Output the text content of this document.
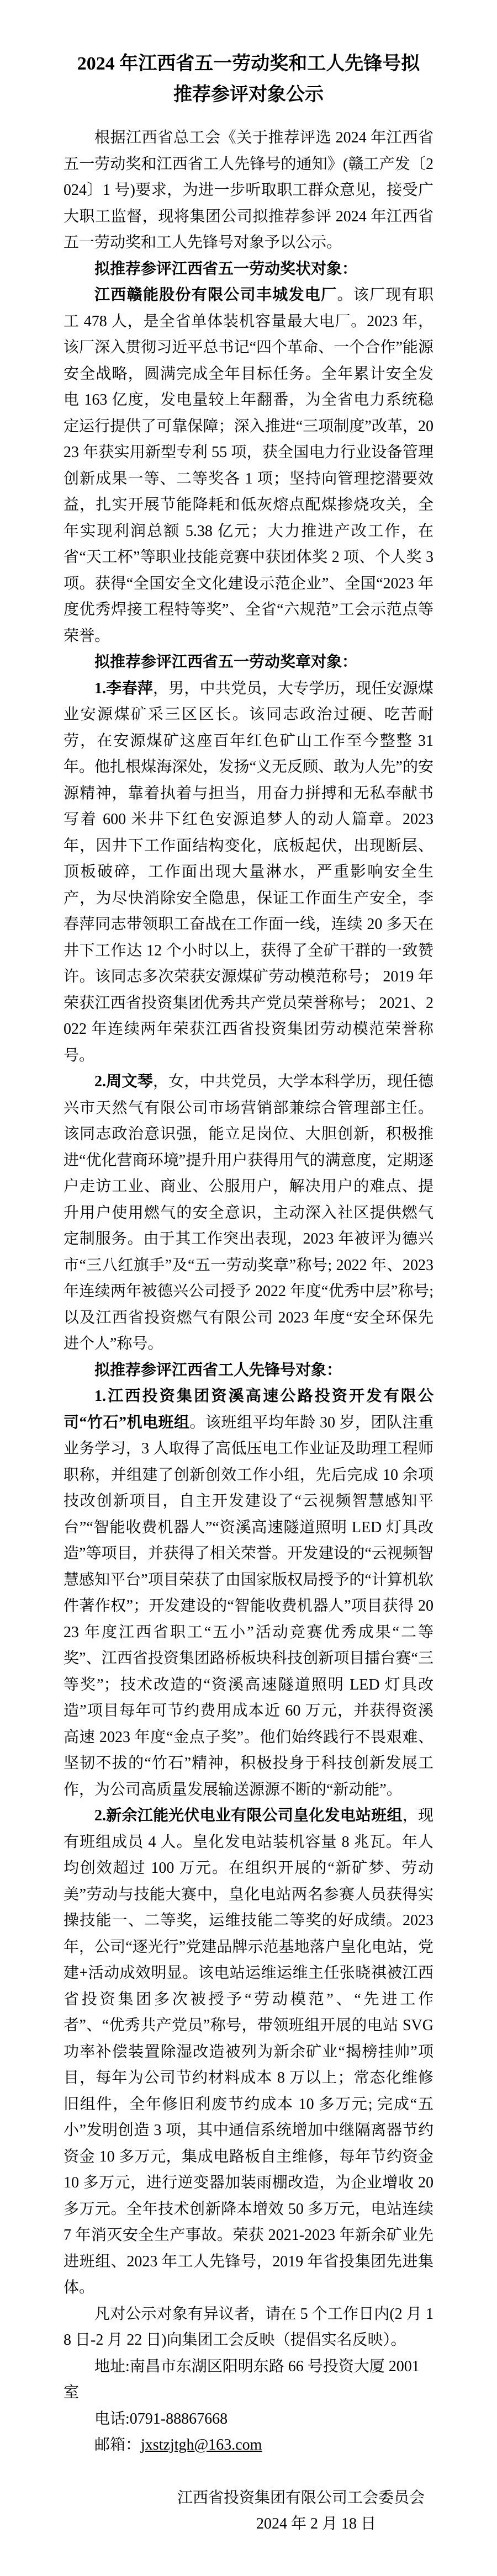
2024 年江西省五一劳动奖和工人先锋号拟
推荐参评对象公示

根据江西省总工会《关于推荐评选 2024 年江西省五一劳动奖和江西省工人先锋号的通知》(赣工产发〔2024〕1 号)要求，为进一步听取职工群众意见，接受广大职工监督，现将集团公司拟推荐参评 2024 年江西省五一劳动奖和工人先锋号对象予以公示。

拟推荐参评江西省五一劳动奖状对象：

江西赣能股份有限公司丰城发电厂。该厂现有职工 478 人，是全省单体装机容量最大电厂。2023 年，该厂深入贯彻习近平总书记“四个革命、一个合作”能源安全战略，圆满完成全年目标任务。全年累计安全发电 163 亿度，发电量较上年翻番，为全省电力系统稳定运行提供了可靠保障；深入推进“三项制度”改革，2023 年获实用新型专利 55 项，获全国电力行业设备管理创新成果一等、二等奖各 1 项；坚持向管理挖潜要效益，扎实开展节能降耗和低灰熔点配煤掺烧攻关，全年实现利润总额 5.38 亿元；大力推进产改工作，在省“天工杯”等职业技能竞赛中获团体奖 2 项、个人奖 3 项。获得“全国安全文化建设示范企业”、全国“2023 年度优秀焊接工程特等奖”、全省“六规范”工会示范点等荣誉。

拟推荐参评江西省五一劳动奖章对象：

1.李春萍，男，中共党员，大专学历，现任安源煤业安源煤矿采三区区长。该同志政治过硬、吃苦耐劳，在安源煤矿这座百年红色矿山工作至今整整 31 年。他扎根煤海深处，发扬“义无反顾、敢为人先”的安源精神，靠着执着与担当，用奋力拼搏和无私奉献书写着 600 米井下红色安源追梦人的动人篇章。2023 年，因井下工作面结构变化，底板起伏，出现断层、顶板破碎，工作面出现大量淋水，严重影响安全生产，为尽快消除安全隐患，保证工作面生产安全，李春萍同志带领职工奋战在工作面一线，连续 20 多天在井下工作达 12 个小时以上，获得了全矿干群的一致赞许。该同志多次荣获安源煤矿劳动模范称号； 2019 年荣获江西省投资集团优秀共产党员荣誉称号； 2021、2022 年连续两年荣获江西省投资集团劳动模范荣誉称号。

2.周文琴，女，中共党员，大学本科学历，现任德兴市天然气有限公司市场营销部兼综合管理部主任。该同志政治意识强，能立足岗位、大胆创新，积极推进“优化营商环境”提升用户获得用气的满意度，定期逐户走访工业、商业、公服用户，解决用户的难点、提升用户使用燃气的安全意识，主动深入社区提供燃气定制服务。由于其工作突出表现，2023 年被评为德兴市“三八红旗手”及“五一劳动奖章”称号; 2022 年、2023 年连续两年被德兴公司授予 2022 年度“优秀中层”称号; 以及江西省投资燃气有限公司 2023 年度“安全环保先进个人”称号。

拟推荐参评江西省工人先锋号对象：

1.江西投资集团资溪高速公路投资开发有限公司“竹石”机电班组。该班组平均年龄 30 岁，团队注重业务学习，3 人取得了高低压电工作业证及助理工程师职称，并组建了创新创效工作小组，先后完成 10 余项技改创新项目，自主开发建设了“云视频智慧感知平台”“智能收费机器人”“资溪高速隧道照明 LED 灯具改造”等项目，并获得了相关荣誉。开发建设的“云视频智慧感知平台”项目荣获了由国家版权局授予的“计算机软件著作权”；开发建设的“智能收费机器人”项目获得 2023 年度江西省职工“五小”活动竞赛优秀成果“二等奖”、江西省投资集团路桥板块科技创新项目擂台赛“三等奖”；技术改造的“资溪高速隧道照明 LED 灯具改造”项目每年可节约费用成本近 60 万元，并获得资溪高速 2023 年度“金点子奖”。他们始终践行不畏艰难、坚韧不拔的“竹石”精神，积极投身于科技创新发展工作，为公司高质量发展输送源源不断的“新动能”。

2.新余江能光伏电业有限公司皇化发电站班组，现有班组成员 4 人。皇化发电站装机容量 8 兆瓦。年人均创效超过 100 万元。在组织开展的“新矿梦、劳动美”劳动与技能大赛中，皇化电站两名参赛人员获得实操技能一、二等奖，运维技能二等奖的好成绩。2023 年，公司“逐光行”党建品牌示范基地落户皇化电站，党建+活动成效明显。该电站运维运维主任张晓祺被江西省投资集团多次被授予“劳动模范”、“先进工作者”、“优秀共产党员”称号，带领班组开展的电站 SVG 功率补偿装置除湿改造被列为新余矿业“揭榜挂帅”项目，每年为公司节约材料成本 8 万以上；常态化维修旧组件，全年修旧利废节约成本 10 多万元; 完成“五小”发明创造 3 项，其中通信系统增加中继隔离器节约资金 10 多万元，集成电路板自主维修，每年节约资金 10 多万元，进行逆变器加装雨棚改造，为企业增收 20 多万元。全年技术创新降本增效 50 多万元，电站连续 7 年消灭安全生产事故。荣获 2021-2023 年新余矿业先进班组、2023 年工人先锋号，2019 年省投集团先进集体。

凡对公示对象有异议者，请在 5 个工作日内(2 月 18 日-2 月 22 日)向集团工会反映（提倡实名反映）。

地址:南昌市东湖区阳明东路 66 号投资大厦 2001 室

电话:0791-88867668

邮箱：jxstzjtgh@163.com

江西省投资集团有限公司工会委员会
2024 年 2 月 18 日
